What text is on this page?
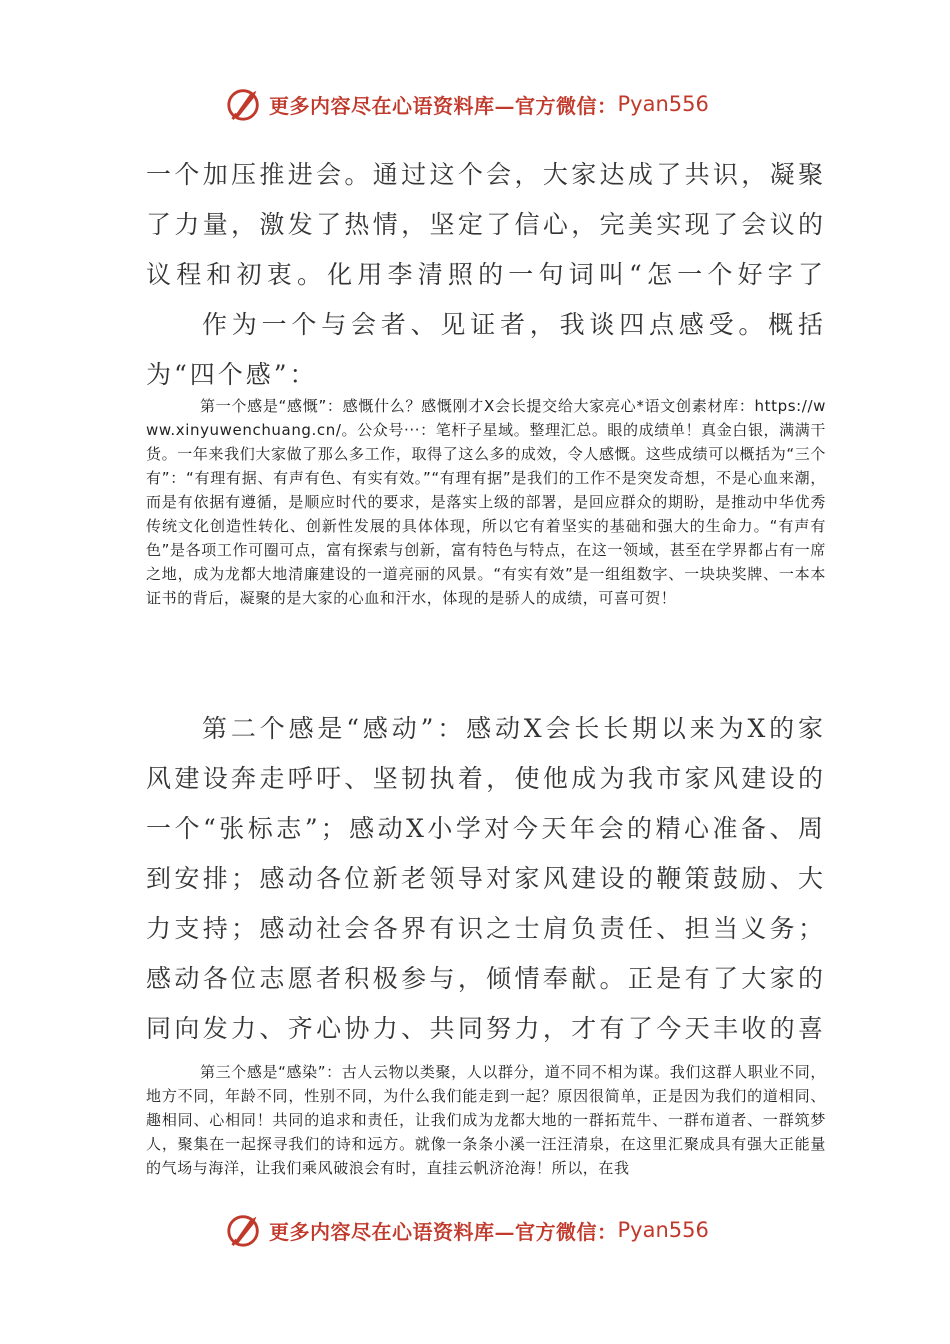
更多内容尽在心语资料库—官方微信： Pyan556

一个加压推进会。通过这个会，大家达成了共识，凝聚了力量，激发了热情，坚定了信心，完美实现了会议的议程和初衷。化用李清照的一句词叫“怎一个好字了

作为一个与会者、见证者，我谈四点感受。概括为“四个感”：

第一个感是“感慨”：感慨什么？感慨刚才X会长提交给大家亮心*语文创素材库：https://www.xinyuwenchuang.cn/。公众号···：笔杆子星域。整理汇总。眼的成绩单！真金白银，满满干货。一年来我们大家做了那么多工作，取得了这么多的成效，令人感慨。这些成绩可以概括为“三个有”：“有理有据、有声有色、有实有效。”“有理有据”是我们的工作不是突发奇想，不是心血来潮，而是有依据有遵循，是顺应时代的要求，是落实上级的部署，是回应群众的期盼，是推动中华优秀传统文化创造性转化、创新性发展的具体体现，所以它有着坚实的基础和强大的生命力。“有声有色”是各项工作可圈可点，富有探索与创新，富有特色与特点，在这一领域，甚至在学界都占有一席之地，成为龙都大地清廉建设的一道亮丽的风景。“有实有效”是一组组数字、一块块奖牌、一本本证书的背后，凝聚的是大家的心血和汗水，体现的是骄人的成绩，可喜可贺！

第二个感是“感动”：感动X会长长期以来为X的家风建设奔走呼吁、坚韧执着，使他成为我市家风建设的一个“张标志”；感动X小学对今天年会的精心准备、周到安排；感动各位新老领导对家风建设的鞭策鼓励、大力支持；感动社会各界有识之士肩负责任、担当义务；感动各位志愿者积极参与，倾情奉献。正是有了大家的同向发力、齐心协力、共同努力，才有了今天丰收的喜

第三个感是“感染”：古人云物以类聚，人以群分，道不同不相为谋。我们这群人职业不同，地方不同，年龄不同，性别不同，为什么我们能走到一起？原因很简单，正是因为我们的道相同、趣相同、心相同！共同的追求和责任，让我们成为龙都大地的一群拓荒牛、一群布道者、一群筑梦人，聚集在一起探寻我们的诗和远方。就像一条条小溪一汪汪清泉，在这里汇聚成具有强大正能量的气场与海洋，让我们乘风破浪会有时，直挂云帆济沧海！所以，在我

更多内容尽在心语资料库—官方微信： Pyan556
